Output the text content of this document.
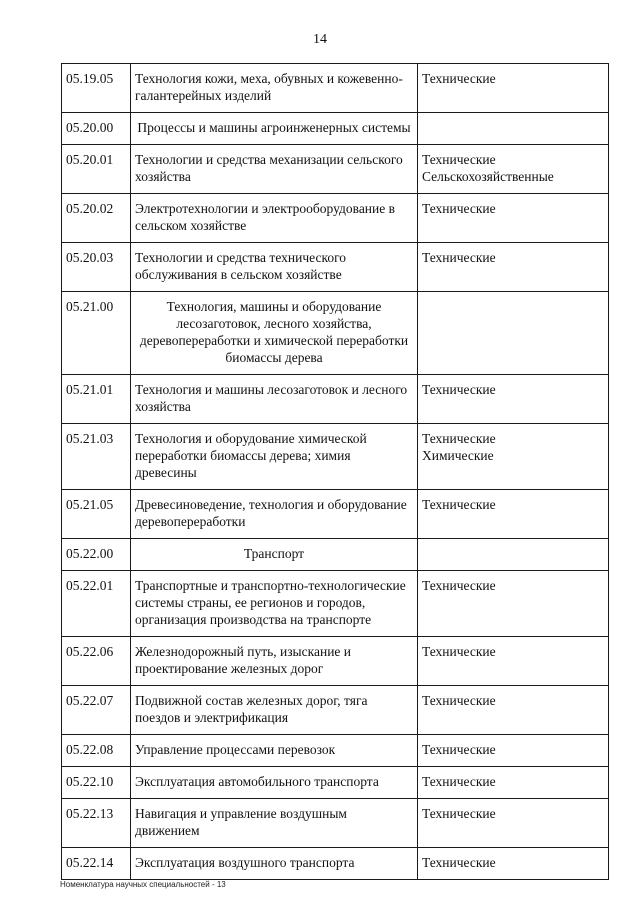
14
05.19.05	Технология кожи, меха, обувных и кожевенно-галантерейных изделий	Технические

05.20.00	Процессы и машины агроинженерных системы	
05.20.01	Технологии и средства механизации сельского хозяйства	Технические
Сельскохозяйственные

05.20.02	Электротехнологии и электрооборудование в сельском хозяйстве	Технические

05.20.03	Технологии и средства технического обслуживания в сельском хозяйстве	Технические

05.21.00	Технология, машины и оборудование лесозаготовок, лесного хозяйства, деревопереработки и химической переработки биомассы дерева	
05.21.01	Технология и машины лесозаготовок и лесного хозяйства	Технические

05.21.03	Технология и оборудование химической переработки биомассы дерева; химия древесины	Технические
Химические

05.21.05	Древесиноведение, технология и оборудование деревопереработки	Технические

05.22.00	Транспорт	
05.22.01	Транспортные и транспортно-технологические системы страны, ее регионов и городов, организация производства на транспорте	Технические

05.22.06	Железнодорожный путь, изыскание и проектирование железных дорог	Технические

05.22.07	Подвижной состав железных дорог, тяга поездов и электрификация	Технические

05.22.08	Управление процессами перевозок	Технические

05.22.10	Эксплуатация автомобильного транспорта	Технические

05.22.13	Навигация и управление воздушным движением	Технические

05.22.14	Эксплуатация воздушного транспорта	Технические
Номенклатура научных специальностей - 13
